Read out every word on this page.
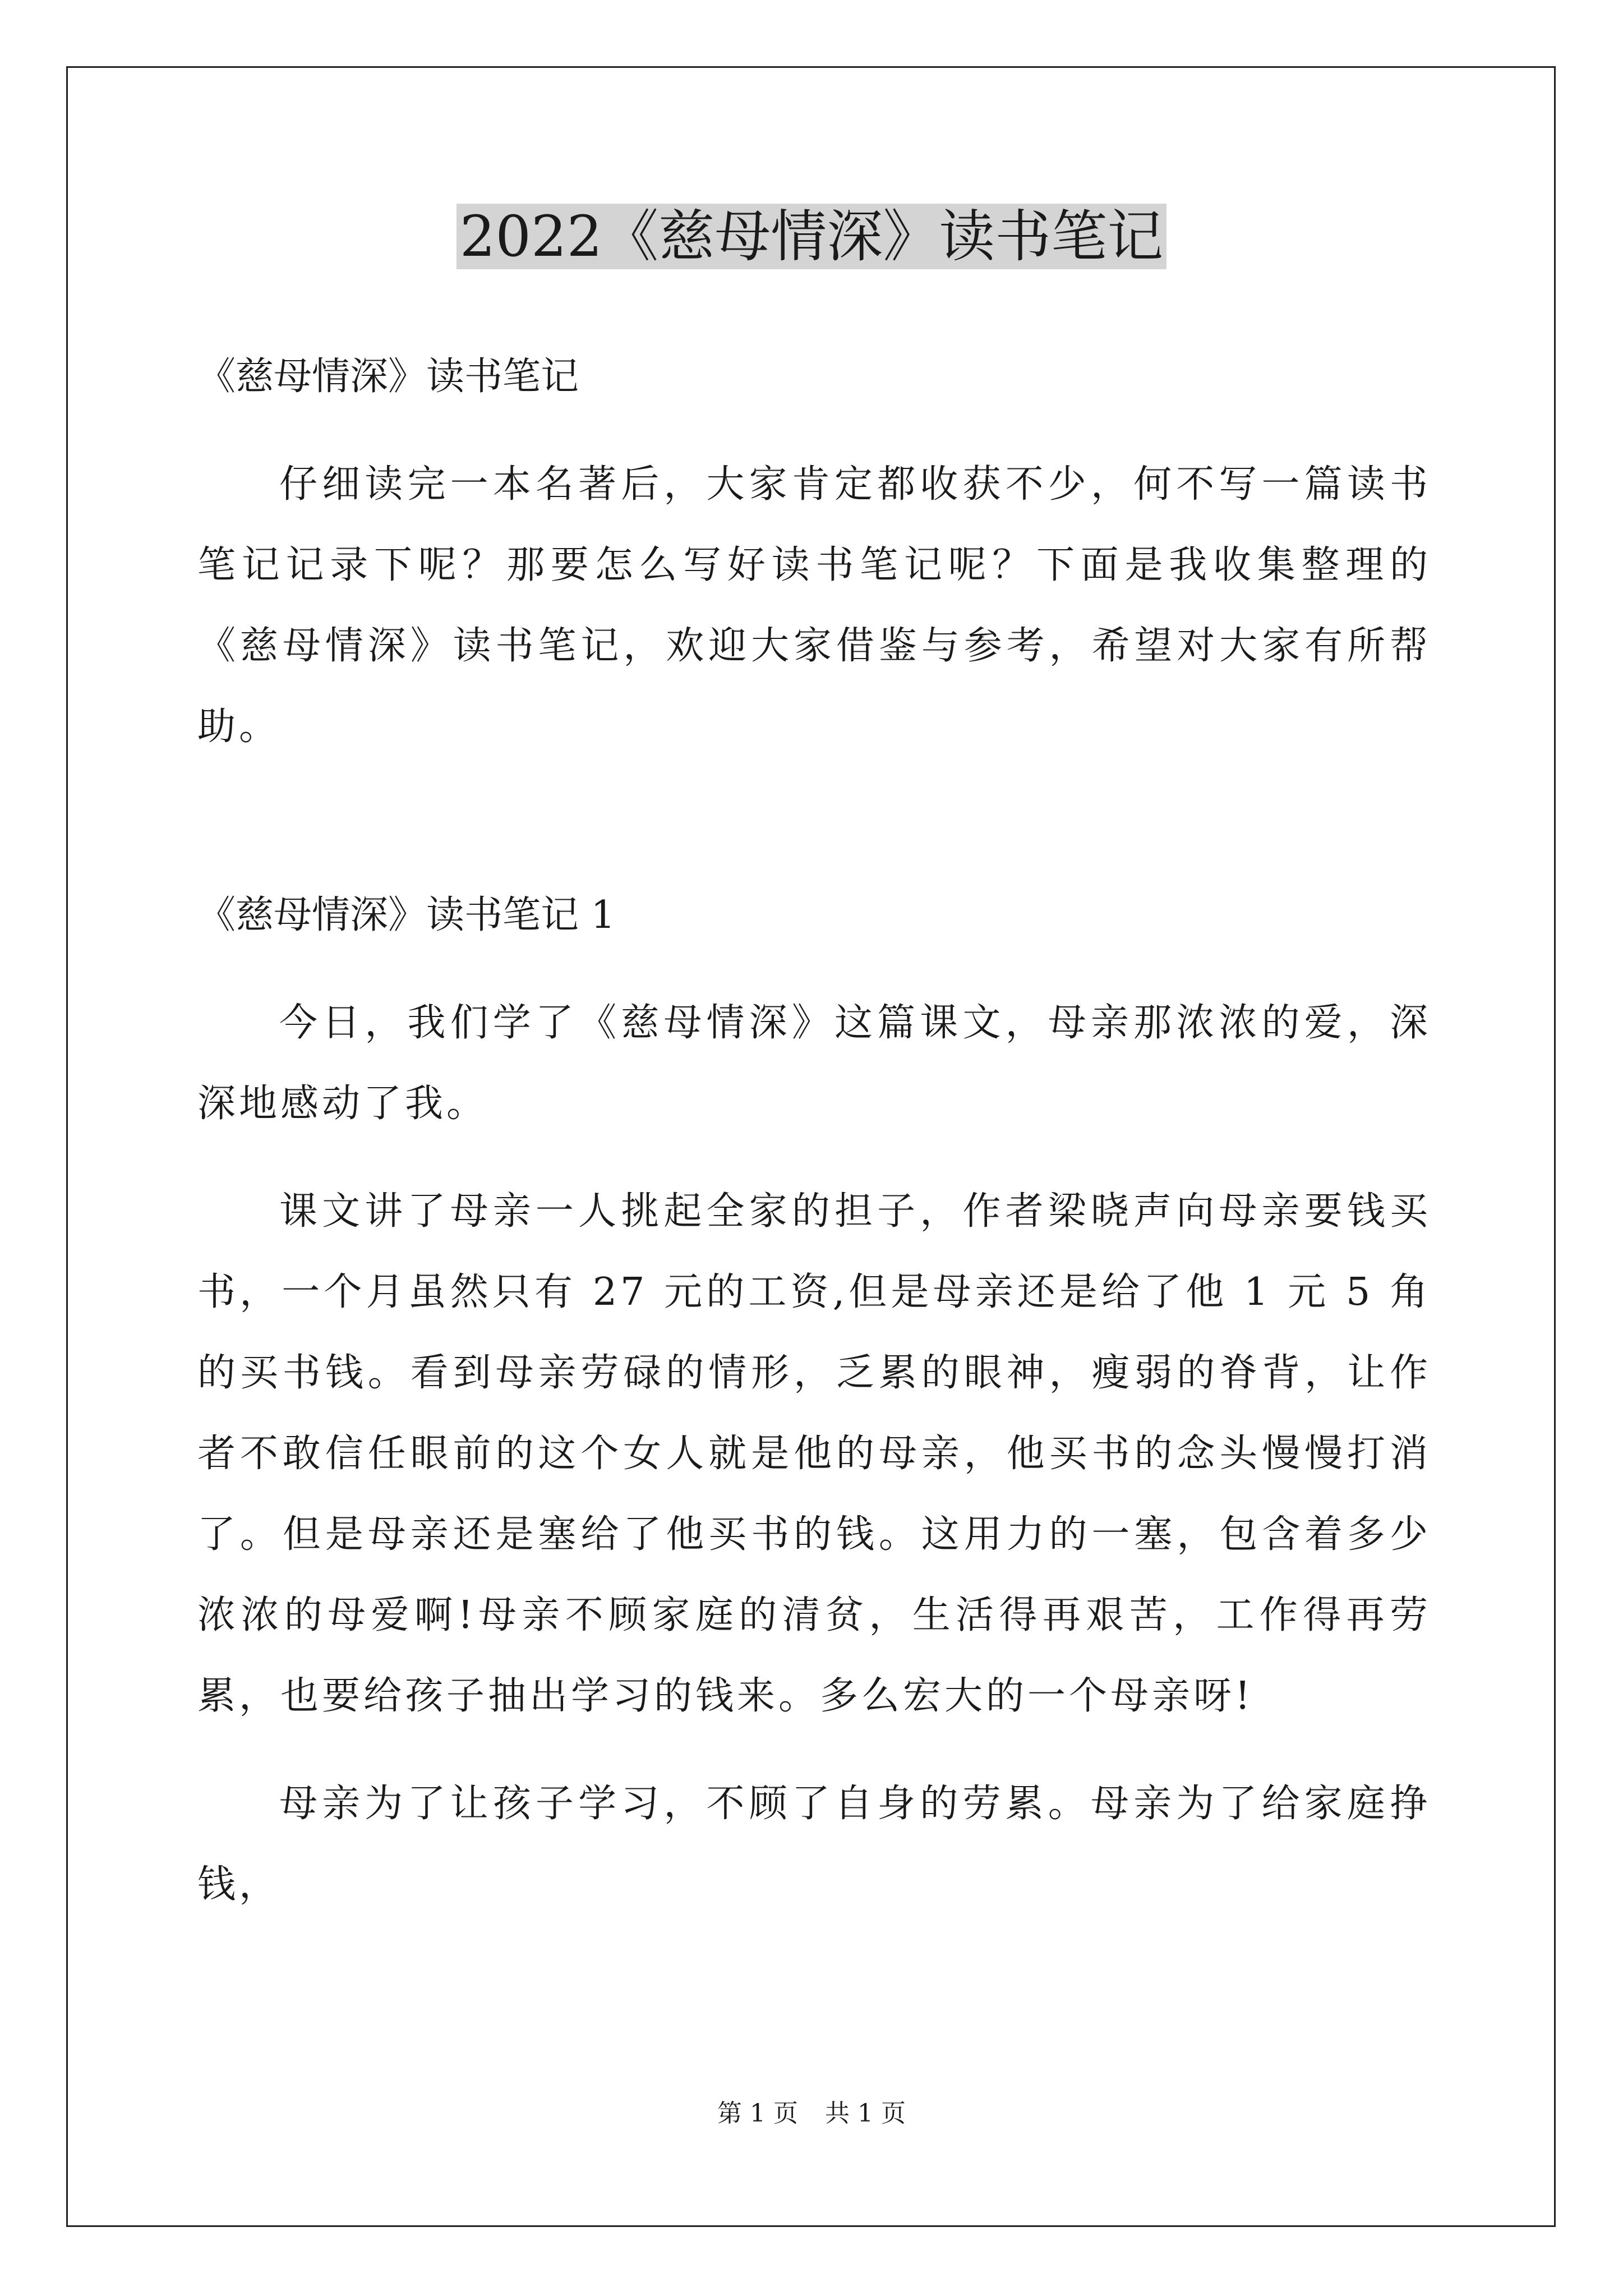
2022《慈母情深》读书笔记

《慈母情深》读书笔记

仔细读完一本名著后，大家肯定都收获不少，何不写一篇读书笔记记录下呢？那要怎么写好读书笔记呢？下面是我收集整理的《慈母情深》读书笔记，欢迎大家借鉴与参考，希望对大家有所帮助。

《慈母情深》读书笔记 1

今日，我们学了《慈母情深》这篇课文，母亲那浓浓的爱，深深地感动了我。

课文讲了母亲一人挑起全家的担子，作者梁晓声向母亲要钱买书，一个月虽然只有 27 元的工资,但是母亲还是给了他 1 元 5 角的买书钱。看到母亲劳碌的情形，乏累的眼神，瘦弱的脊背，让作者不敢信任眼前的这个女人就是他的母亲，他买书的念头慢慢打消了。但是母亲还是塞给了他买书的钱。这用力的一塞，包含着多少浓浓的母爱啊!母亲不顾家庭的清贫，生活得再艰苦，工作得再劳累，也要给孩子抽出学习的钱来。多么宏大的一个母亲呀!

母亲为了让孩子学习，不顾了自身的劳累。母亲为了给家庭挣钱，

第 1 页 共 1 页
